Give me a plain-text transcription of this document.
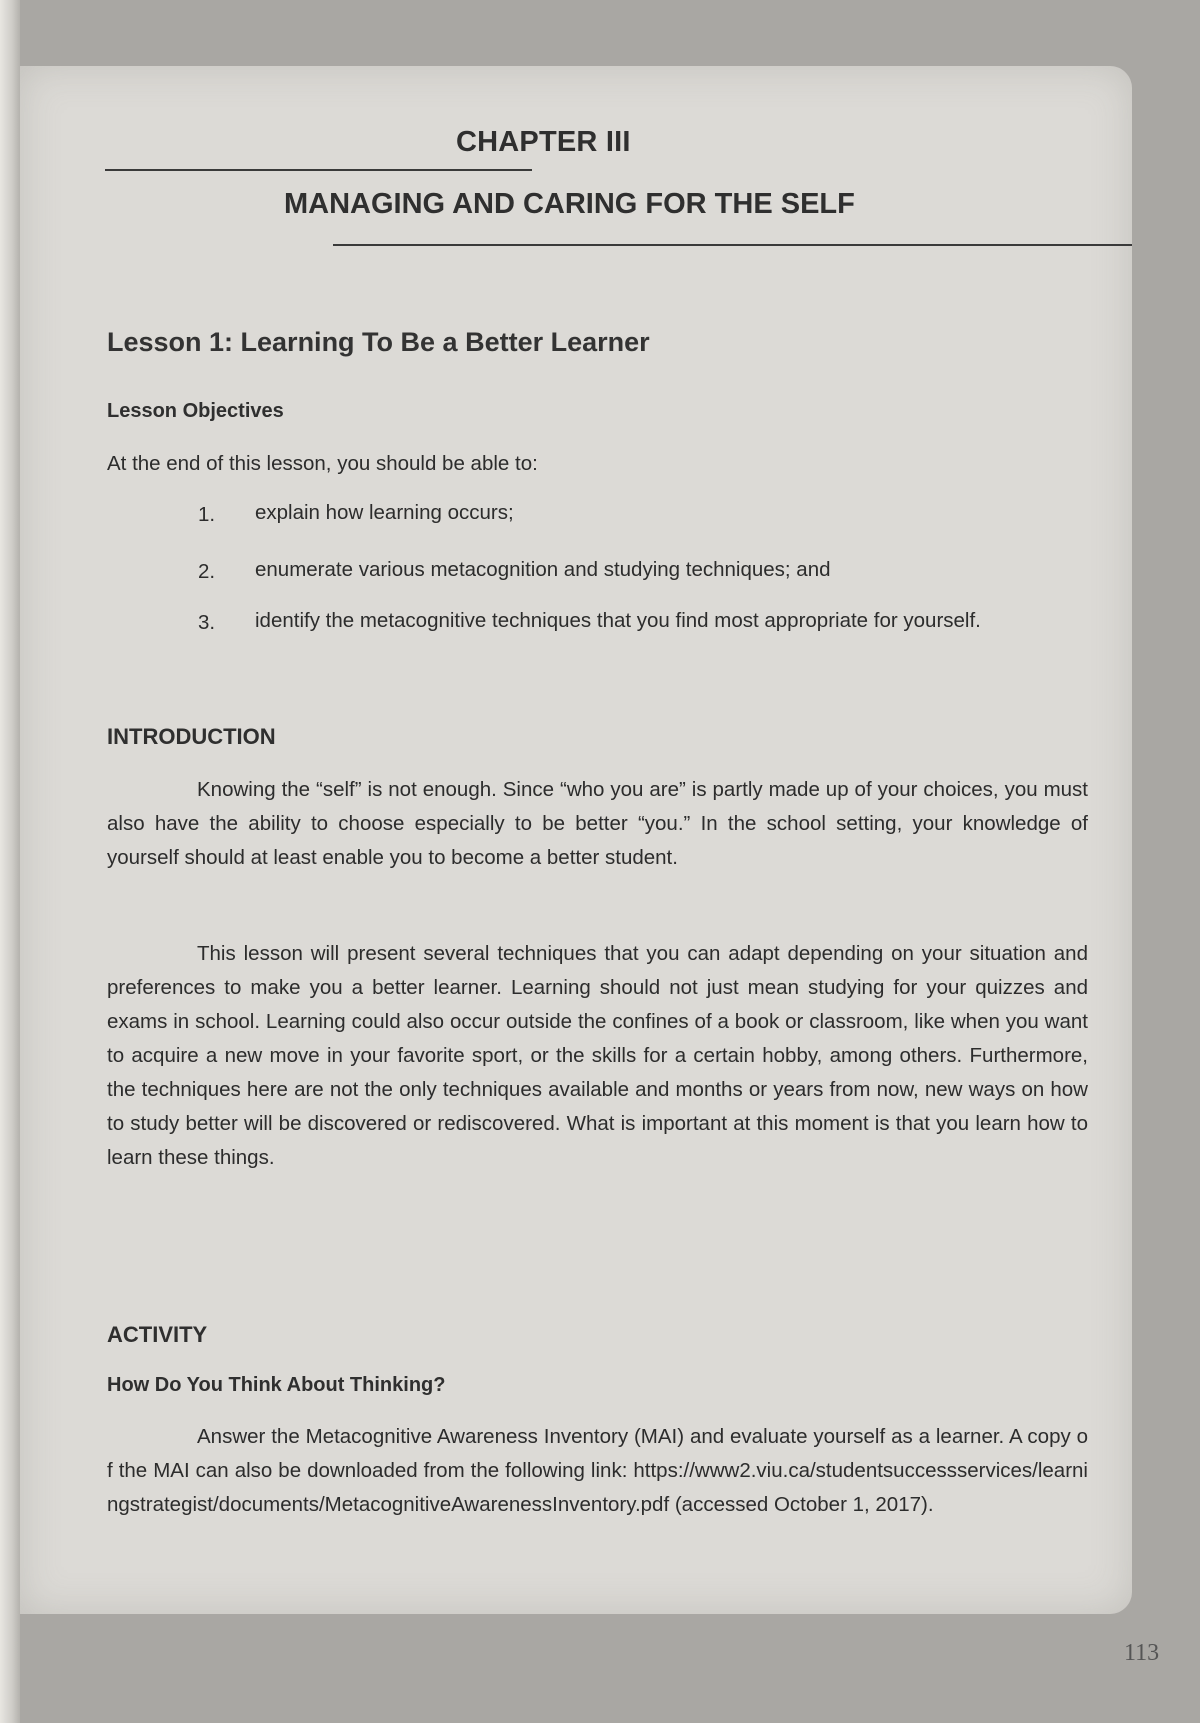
CHAPTER III
MANAGING AND CARING FOR THE SELF
Lesson 1: Learning To Be a Better Learner
Lesson Objectives
At the end of this lesson, you should be able to:
1. explain how learning occurs;
2. enumerate various metacognition and studying techniques; and
3. identify the metacognitive techniques that you find most appropriate for yourself.
INTRODUCTION

Knowing the “self” is not enough. Since “who you are” is partly made up of your choices, you must also have the ability to choose especially to be better “you.” In the school setting, your knowledge of yourself should at least enable you to become a better student.

This lesson will present several techniques that you can adapt depending on your situation and preferences to make you a better learner. Learning should not just mean studying for your quizzes and exams in school. Learning could also occur outside the confines of a book or classroom, like when you want to acquire a new move in your favorite sport, or the skills for a certain hobby, among others. Furthermore, the techniques here are not the only techniques available and months or years from now, new ways on how to study better will be discovered or rediscovered. What is important at this moment is that you learn how to learn these things.

ACTIVITY
How Do You Think About Thinking?

Answer the Metacognitive Awareness Inventory (MAI) and evaluate yourself as a learner. A copy of the MAI can also be downloaded from the following link: https://www2.viu.ca/studentsuccessservices/learningstrategist/documents/MetacognitiveAwarenessInventory.pdf (accessed October 1, 2017).

113
